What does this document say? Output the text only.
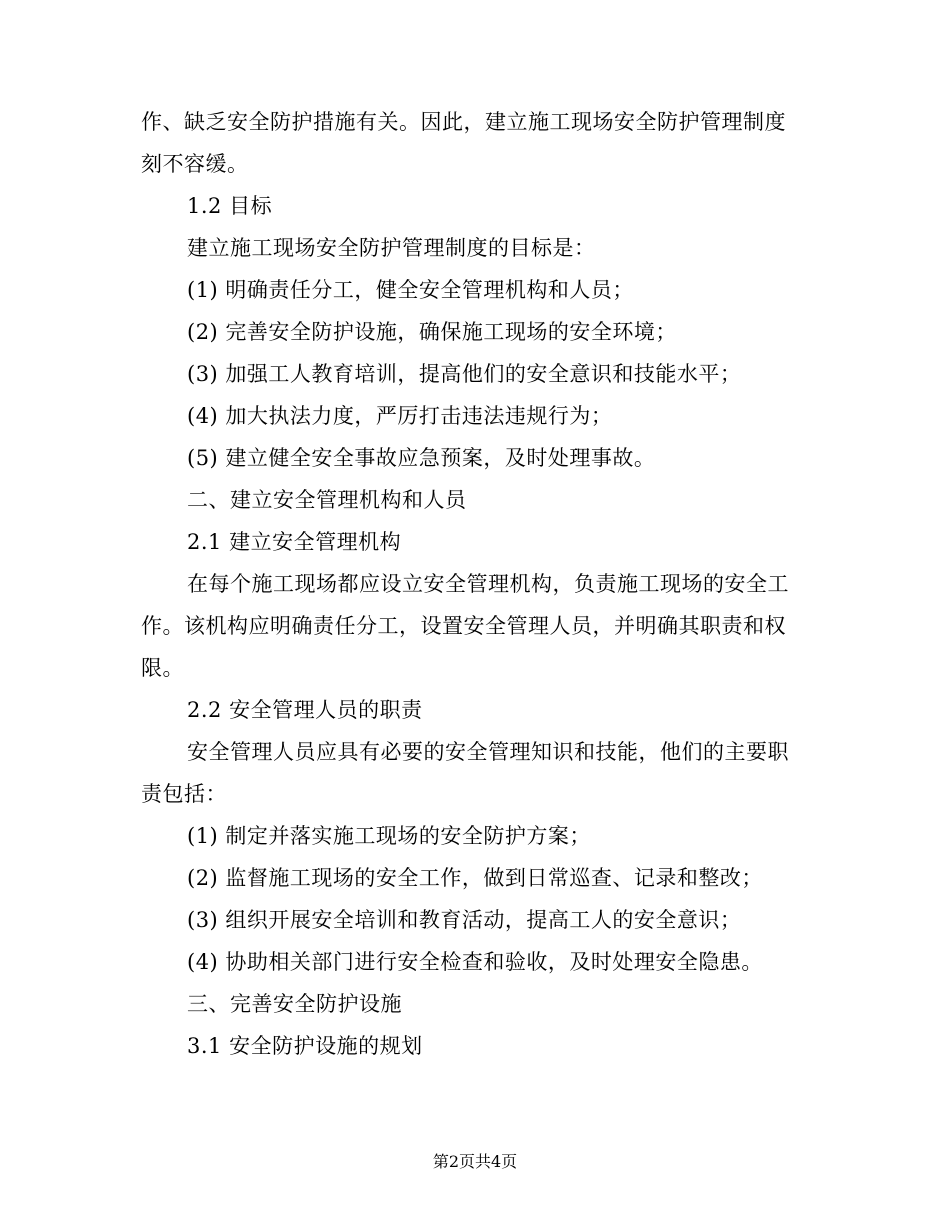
作、缺乏安全防护措施有关。因此，建立施工现场安全防护管理制度
刻不容缓。
1.2 目标
建立施工现场安全防护管理制度的目标是：
(1) 明确责任分工，健全安全管理机构和人员；
(2) 完善安全防护设施，确保施工现场的安全环境；
(3) 加强工人教育培训，提高他们的安全意识和技能水平；
(4) 加大执法力度，严厉打击违法违规行为；
(5) 建立健全安全事故应急预案，及时处理事故。
二、建立安全管理机构和人员
2.1 建立安全管理机构
在每个施工现场都应设立安全管理机构，负责施工现场的安全工
作。该机构应明确责任分工，设置安全管理人员，并明确其职责和权
限。
2.2 安全管理人员的职责
安全管理人员应具有必要的安全管理知识和技能，他们的主要职
责包括：
(1) 制定并落实施工现场的安全防护方案；
(2) 监督施工现场的安全工作，做到日常巡查、记录和整改；
(3) 组织开展安全培训和教育活动，提高工人的安全意识；
(4) 协助相关部门进行安全检查和验收，及时处理安全隐患。
三、完善安全防护设施
3.1 安全防护设施的规划
第2页共4页
